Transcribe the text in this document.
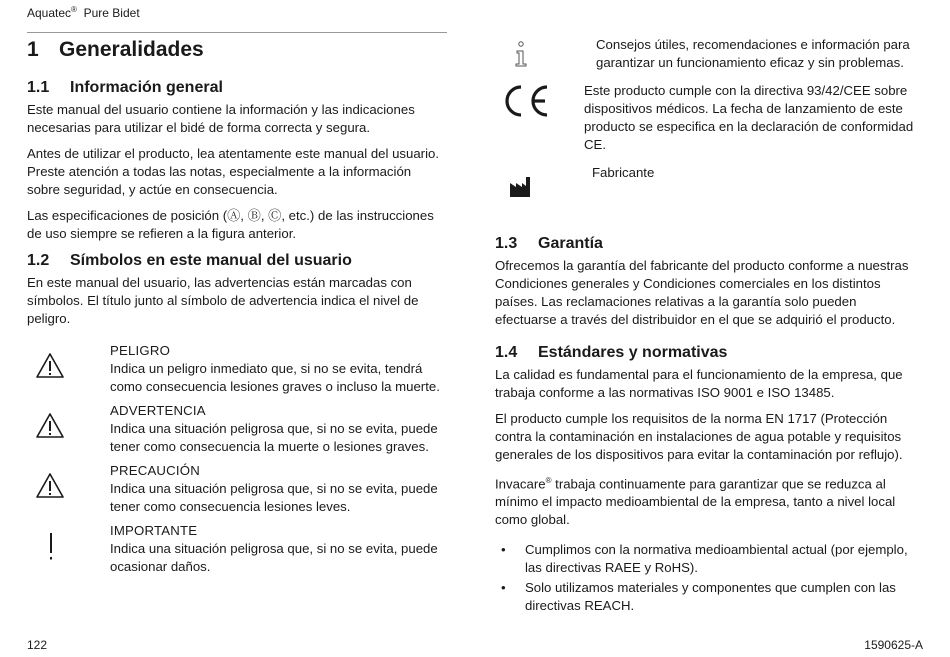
Aquatec® Pure Bidet
1 Generalidades
1.1 Información general

Este manual del usuario contiene la información y las indicaciones necesarias para utilizar el bidé de forma correcta y segura.

Antes de utilizar el producto, lea atentamente este manual del usuario. Preste atención a todas las notas, especialmente a la información sobre seguridad, y actúe en consecuencia.

Las especificaciones de posición (Ⓐ, Ⓑ, Ⓒ, etc.) de las instrucciones de uso siempre se refieren a la figura anterior.

1.2 Símbolos en este manual del usuario

En este manual del usuario, las advertencias están marcadas con símbolos. El título junto al símbolo de advertencia indica el nivel de peligro.

PELIGRO

Indica un peligro inmediato que, si no se evita, tendrá como consecuencia lesiones graves o incluso la muerte.

ADVERTENCIA

Indica una situación peligrosa que, si no se evita, puede tener como consecuencia la muerte o lesiones graves.

PRECAUCIÓN

Indica una situación peligrosa que, si no se evita, puede tener como consecuencia lesiones leves.

IMPORTANTE

Indica una situación peligrosa que, si no se evita, puede ocasionar daños.

Consejos útiles, recomendaciones e información para garantizar un funcionamiento eficaz y sin problemas.

Este producto cumple con la directiva 93/42/CEE sobre dispositivos médicos. La fecha de lanzamiento de este producto se especifica en la declaración de conformidad CE.

Fabricante

1.3 Garantía

Ofrecemos la garantía del fabricante del producto conforme a nuestras Condiciones generales y Condiciones comerciales en los distintos países. Las reclamaciones relativas a la garantía solo pueden efectuarse a través del distribuidor en el que se adquirió el producto.

1.4 Estándares y normativas

La calidad es fundamental para el funcionamiento de la empresa, que trabaja conforme a las normativas ISO 9001 e ISO 13485.

El producto cumple los requisitos de la norma EN 1717 (Protección contra la contaminación en instalaciones de agua potable y requisitos generales de los dispositivos para evitar la contaminación por reflujo).

Invacare® trabaja continuamente para garantizar que se reduzca al mínimo el impacto medioambiental de la empresa, tanto a nivel local como global.

• Cumplimos con la normativa medioambiental actual (por ejemplo, las directivas RAEE y RoHS).
• Solo utilizamos materiales y componentes que cumplen con las directivas REACH.
122	1590625-A
